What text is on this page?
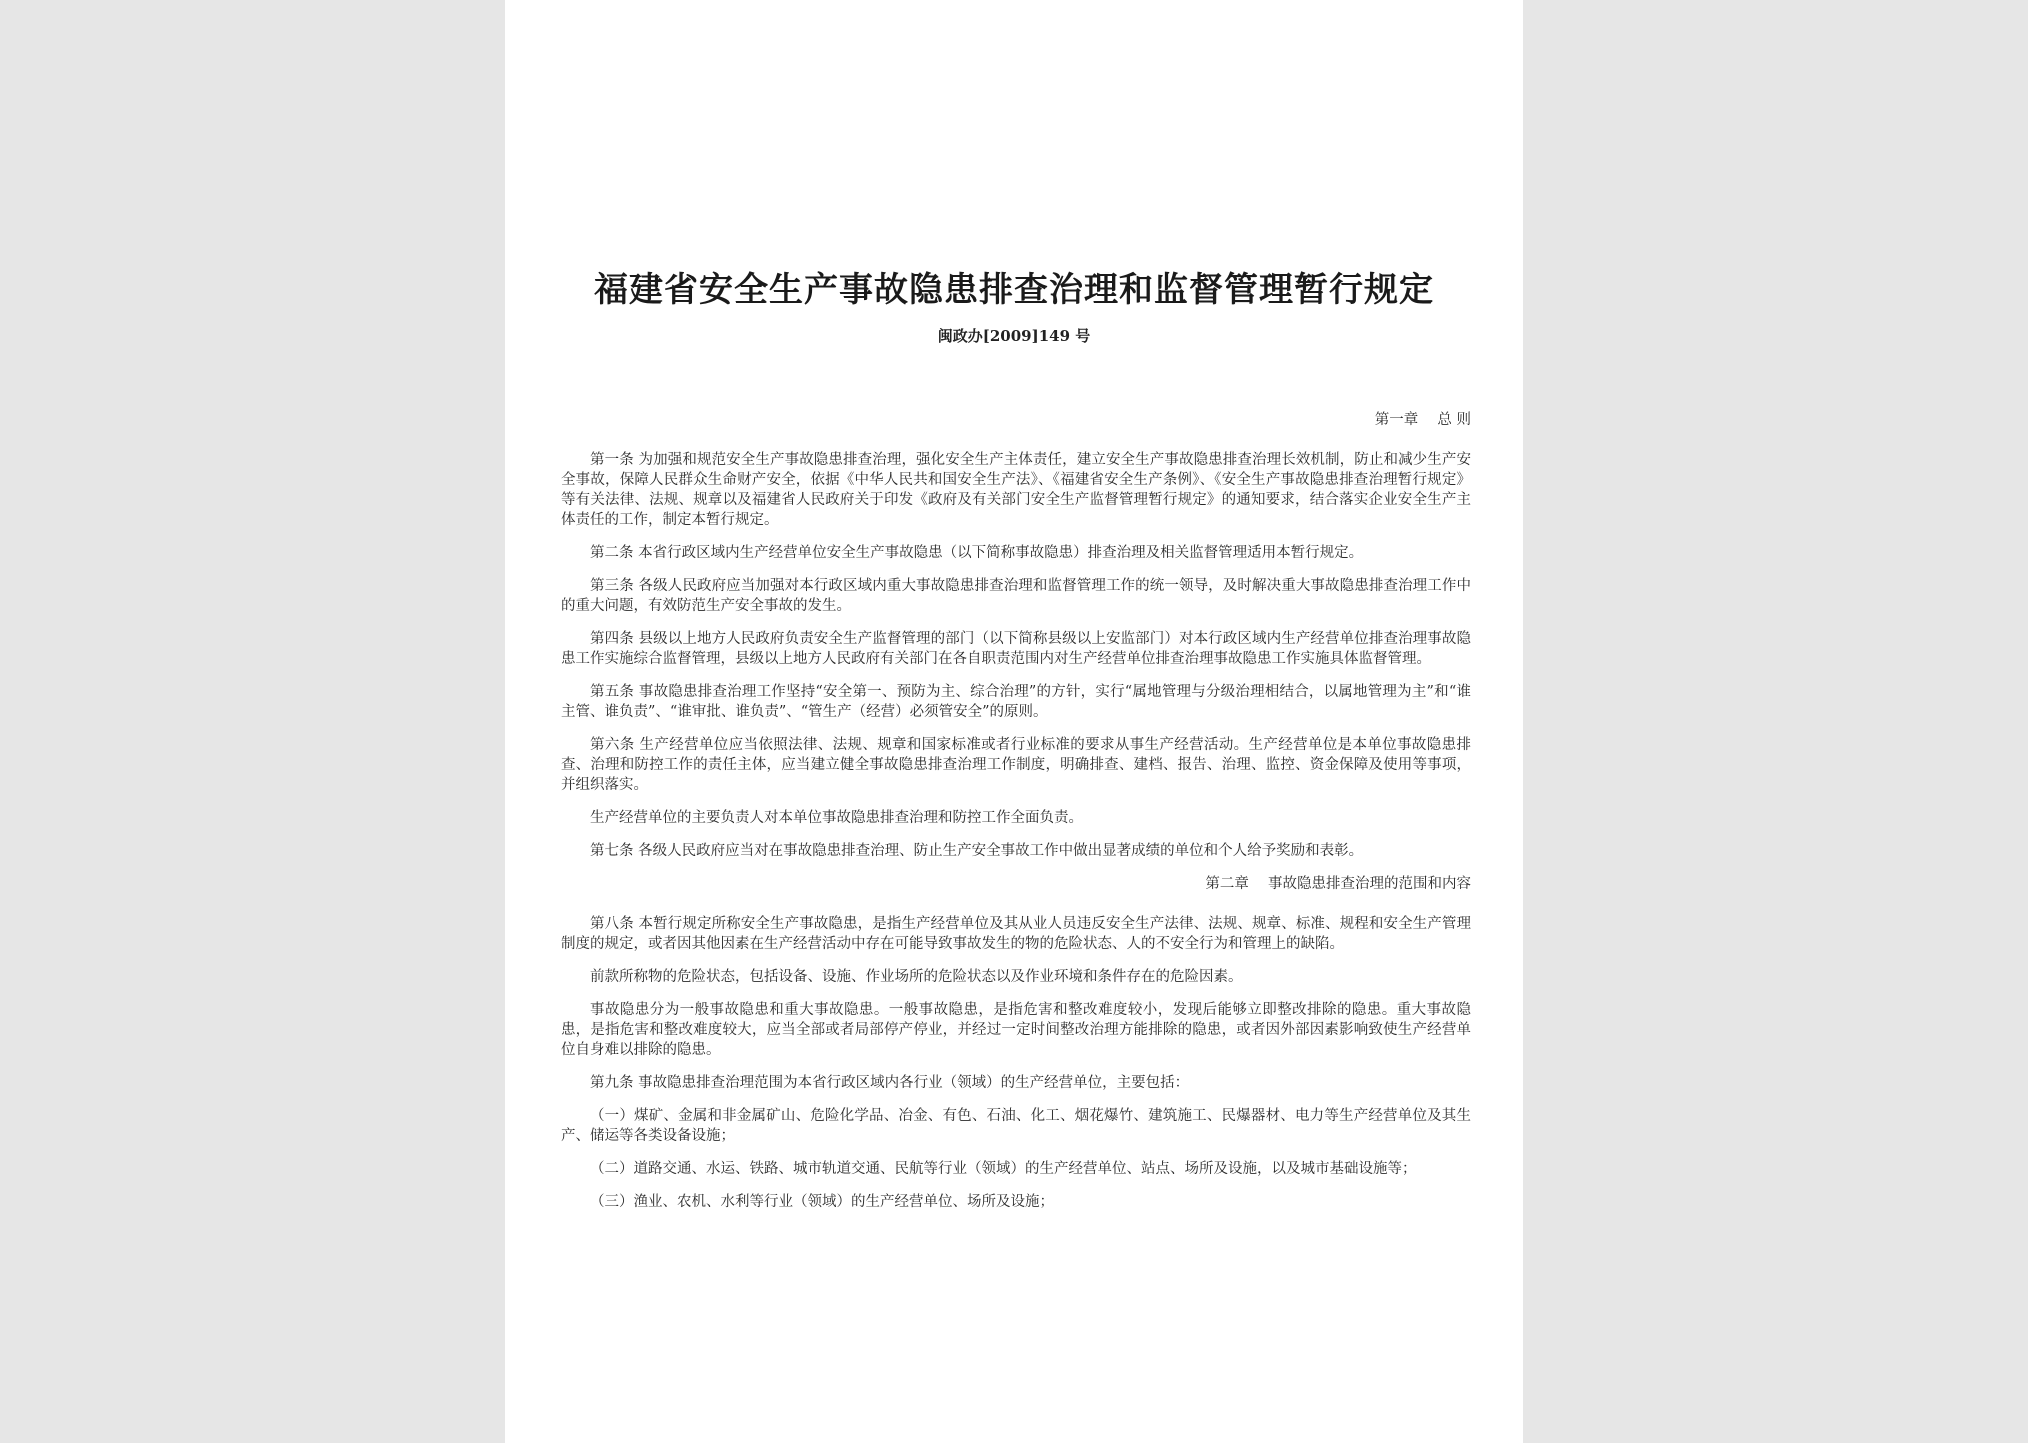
福建省安全生产事故隐患排查治理和监督管理暂行规定
闽政办[2009]149 号
第一章　 总 则

第一条 为加强和规范安全生产事故隐患排查治理，强化安全生产主体责任，建立安全生产事故隐患排查治理长效机制，防止和减少生产安全事故，保障人民群众生命财产安全，依据《中华人民共和国安全生产法》、《福建省安全生产条例》、《安全生产事故隐患排查治理暂行规定》等有关法律、法规、规章以及福建省人民政府关于印发《政府及有关部门安全生产监督管理暂行规定》的通知要求，结合落实企业安全生产主体责任的工作，制定本暂行规定。

第二条 本省行政区域内生产经营单位安全生产事故隐患（以下简称事故隐患）排查治理及相关监督管理适用本暂行规定。

第三条 各级人民政府应当加强对本行政区域内重大事故隐患排查治理和监督管理工作的统一领导，及时解决重大事故隐患排查治理工作中的重大问题，有效防范生产安全事故的发生。

第四条 县级以上地方人民政府负责安全生产监督管理的部门（以下简称县级以上安监部门）对本行政区域内生产经营单位排查治理事故隐患工作实施综合监督管理，县级以上地方人民政府有关部门在各自职责范围内对生产经营单位排查治理事故隐患工作实施具体监督管理。

第五条 事故隐患排查治理工作坚持“安全第一、预防为主、综合治理”的方针，实行“属地管理与分级治理相结合，以属地管理为主”和“谁主管、谁负责”、“谁审批、谁负责”、“管生产（经营）必须管安全”的原则。

第六条 生产经营单位应当依照法律、法规、规章和国家标准或者行业标准的要求从事生产经营活动。生产经营单位是本单位事故隐患排查、治理和防控工作的责任主体，应当建立健全事故隐患排查治理工作制度，明确排查、建档、报告、治理、监控、资金保障及使用等事项，并组织落实。

生产经营单位的主要负责人对本单位事故隐患排查治理和防控工作全面负责。

第七条 各级人民政府应当对在事故隐患排查治理、防止生产安全事故工作中做出显著成绩的单位和个人给予奖励和表彰。

第二章　 事故隐患排查治理的范围和内容

第八条 本暂行规定所称安全生产事故隐患，是指生产经营单位及其从业人员违反安全生产法律、法规、规章、标准、规程和安全生产管理制度的规定，或者因其他因素在生产经营活动中存在可能导致事故发生的物的危险状态、人的不安全行为和管理上的缺陷。

前款所称物的危险状态，包括设备、设施、作业场所的危险状态以及作业环境和条件存在的危险因素。

事故隐患分为一般事故隐患和重大事故隐患。一般事故隐患，是指危害和整改难度较小，发现后能够立即整改排除的隐患。重大事故隐患，是指危害和整改难度较大，应当全部或者局部停产停业，并经过一定时间整改治理方能排除的隐患，或者因外部因素影响致使生产经营单位自身难以排除的隐患。

第九条 事故隐患排查治理范围为本省行政区域内各行业（领域）的生产经营单位，主要包括：

（一）煤矿、金属和非金属矿山、危险化学品、冶金、有色、石油、化工、烟花爆竹、建筑施工、民爆器材、电力等生产经营单位及其生产、储运等各类设备设施；

（二）道路交通、水运、铁路、城市轨道交通、民航等行业（领域）的生产经营单位、站点、场所及设施，以及城市基础设施等；

（三）渔业、农机、水利等行业（领域）的生产经营单位、场所及设施；
